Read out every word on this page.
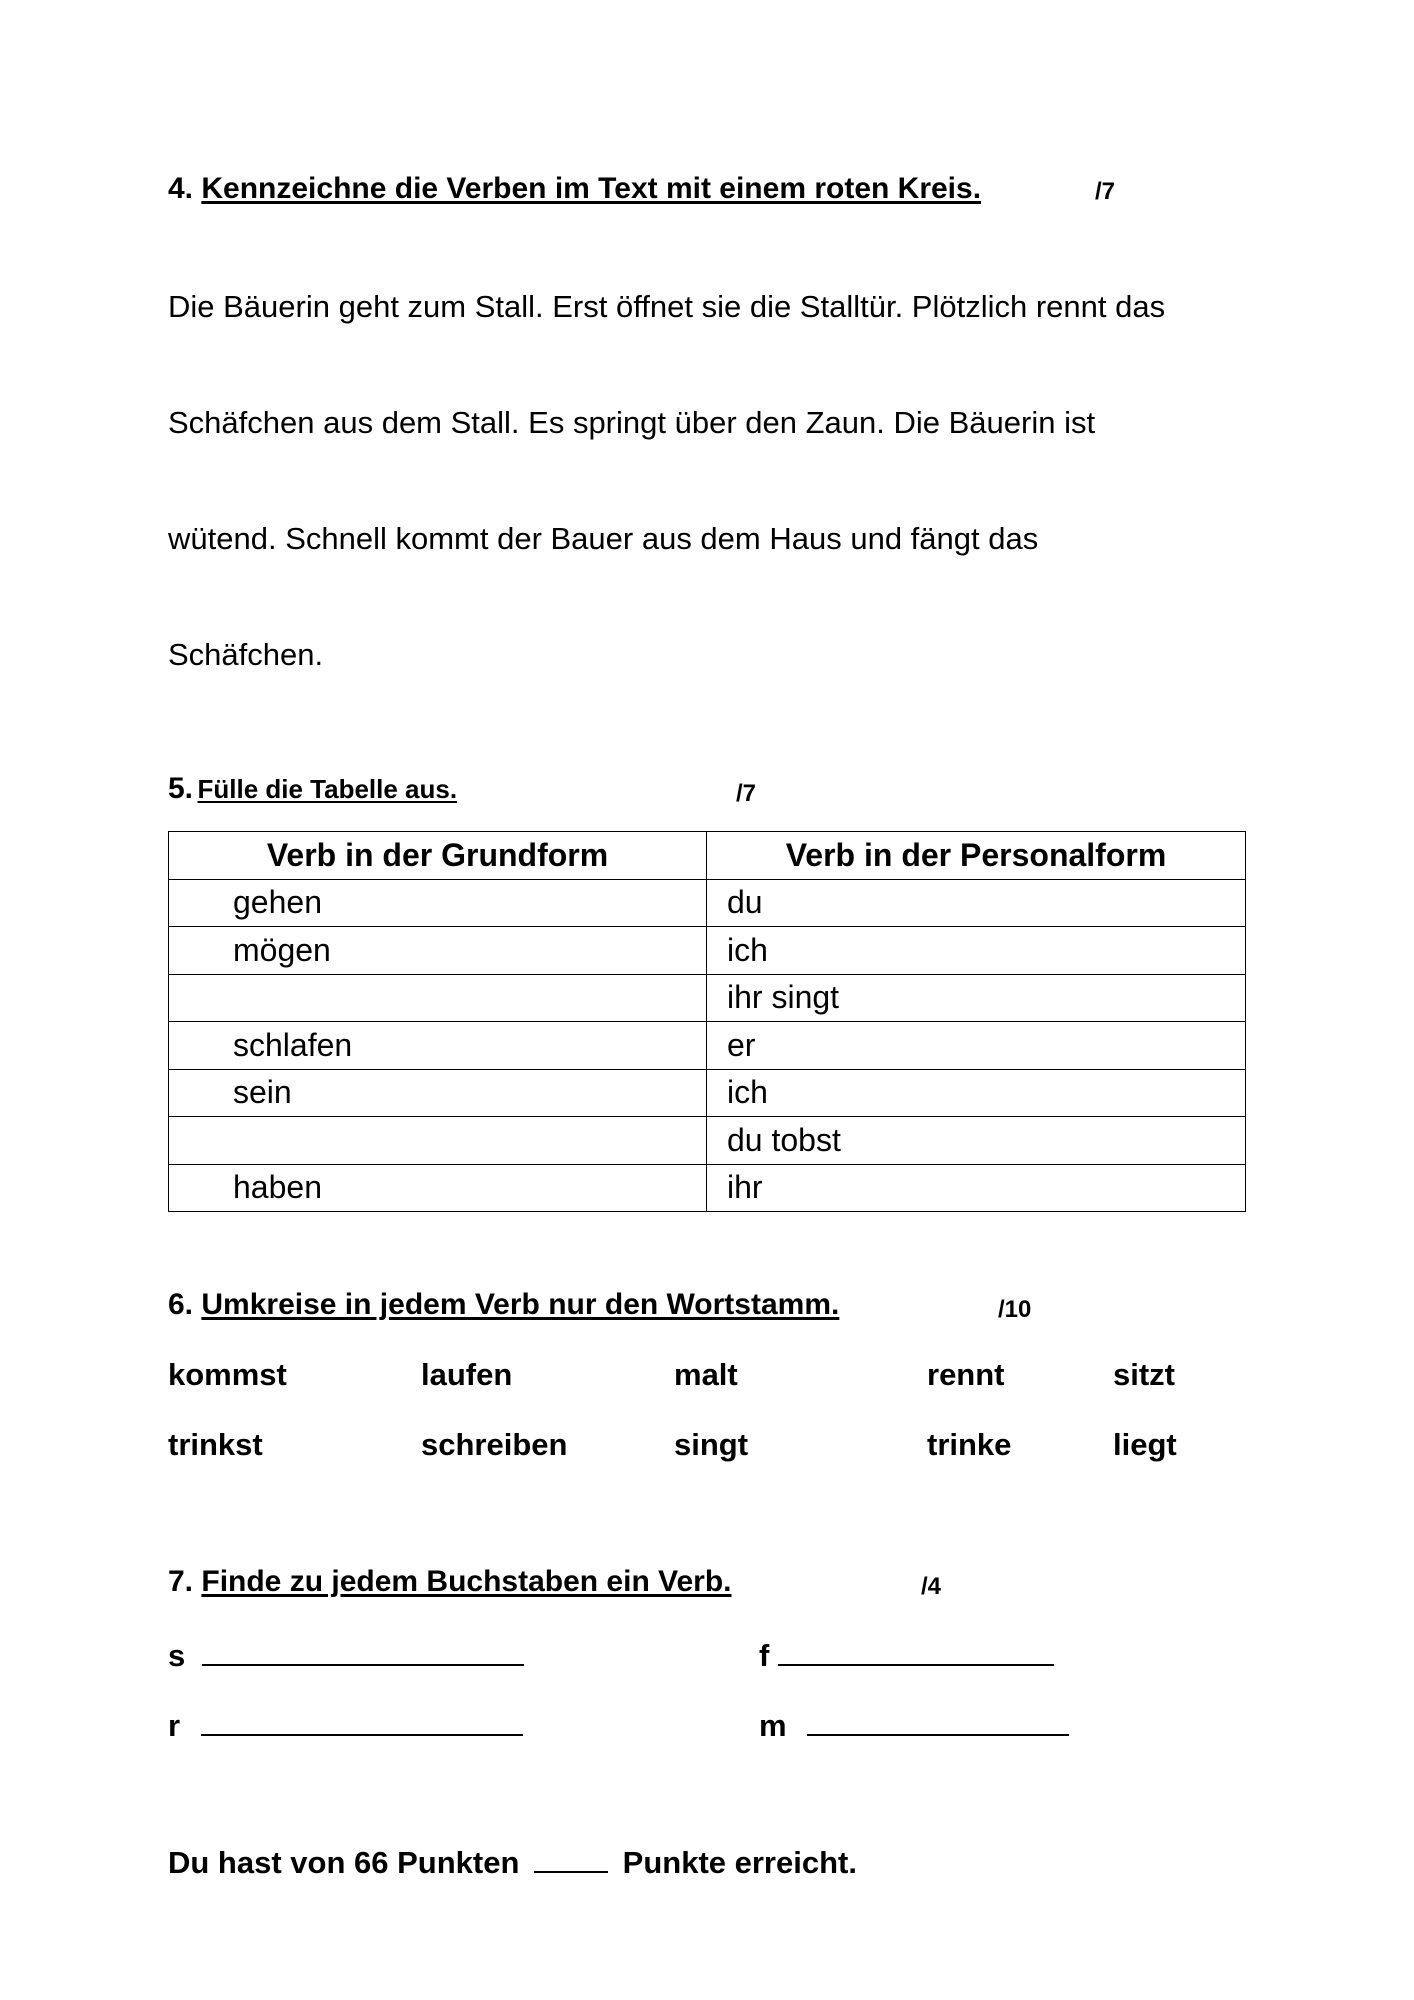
4. Kennzeichne die Verben im Text mit einem roten Kreis.	/7
Die Bäuerin geht zum Stall. Erst öffnet sie die Stalltür. Plötzlich rennt das
Schäfchen aus dem Stall. Es springt über den Zaun. Die Bäuerin ist
wütend. Schnell kommt der Bauer aus dem Haus und fängt das
Schäfchen.
5. Fülle die Tabelle aus.	/7
Verb in der Grundform	Verb in der Personalform
gehen	du
mögen	ich
	ihr singt
schlafen	er
sein	ich
	du tobst
haben	ihr
6. Umkreise in jedem Verb nur den Wortstamm.	/10
kommst	laufen	malt	rennt	sitzt
trinkst	schreiben	singt	trinke	liegt
7. Finde zu jedem Buchstaben ein Verb.	/4
s	f
r	m
Du hast von 66 Punkten	Punkte erreicht.
